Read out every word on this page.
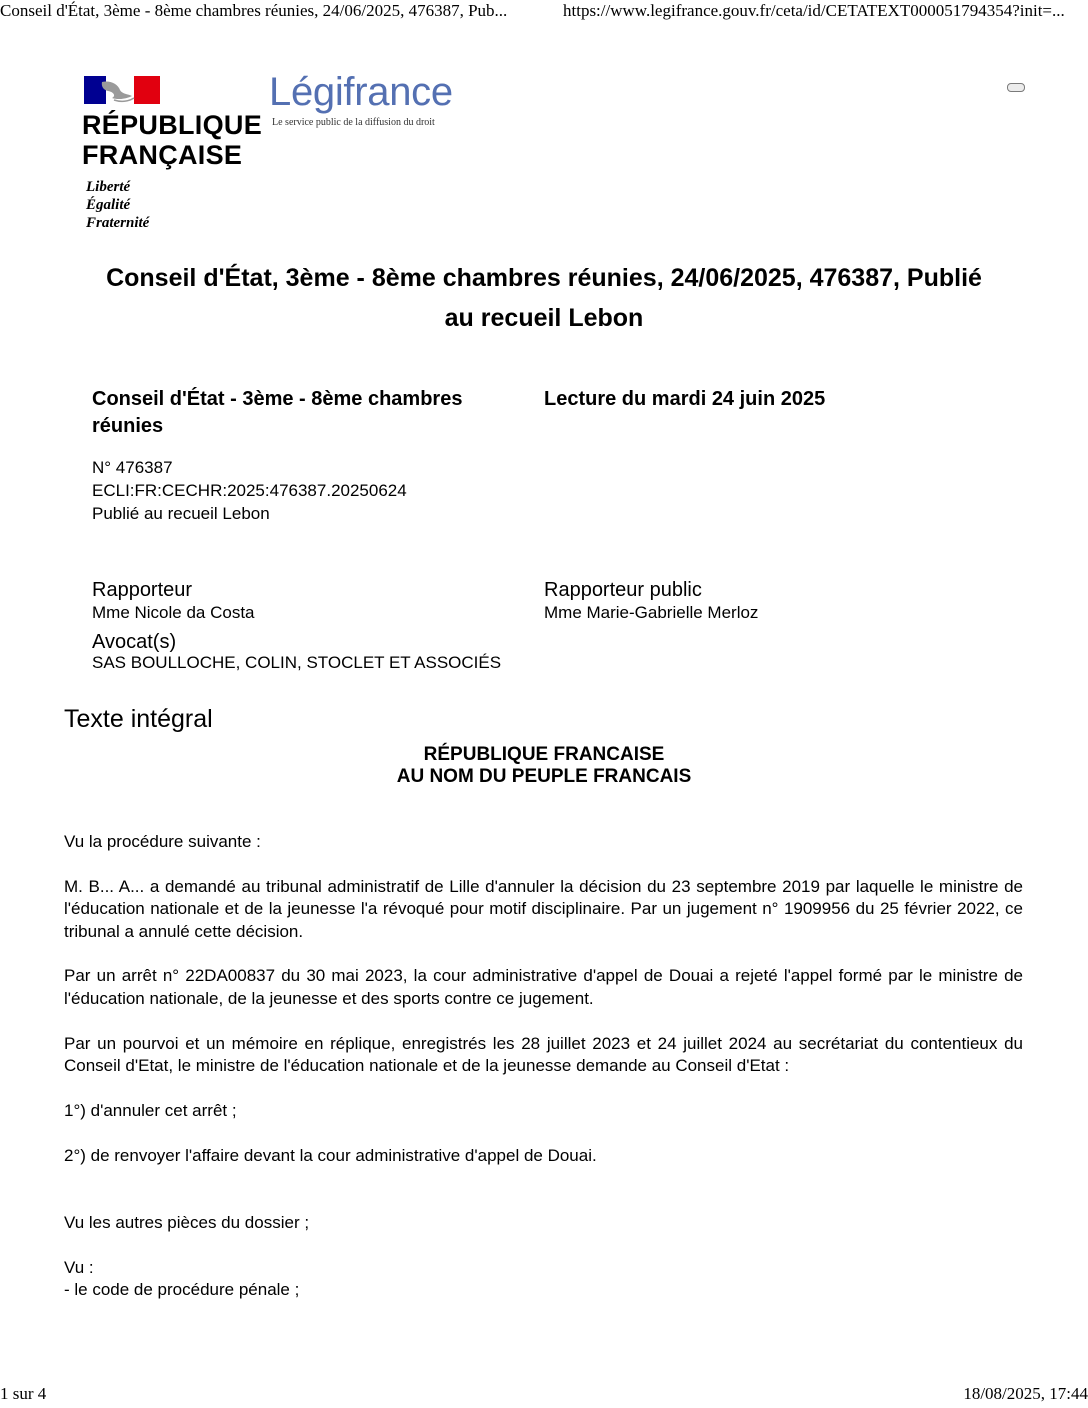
Conseil d'État, 3ème - 8ème chambres réunies, 24/06/2025, 476387, Pub...	https://www.legifrance.gouv.fr/ceta/id/CETATEXT000051794354?init=...
RÉPUBLIQUE
FRANÇAISE
Liberté
Égalité
Fraternité
Légifrance
Le service public de la diffusion du droit
Conseil d'État, 3ème - 8ème chambres réunies, 24/06/2025, 476387, Publié
au recueil Lebon
Conseil d'État - 3ème - 8ème chambres réunies
Lecture du mardi 24 juin 2025
N° 476387
ECLI:FR:CECHR:2025:476387.20250624
Publié au recueil Lebon
Rapporteur
Mme Nicole da Costa
Rapporteur public
Mme Marie-Gabrielle Merloz
Avocat(s)
SAS BOULLOCHE, COLIN, STOCLET ET ASSOCIÉS
Texte intégral
RÉPUBLIQUE FRANCAISE
AU NOM DU PEUPLE FRANCAIS

Vu la procédure suivante :

M. B... A... a demandé au tribunal administratif de Lille d'annuler la décision du 23 septembre 2019 par laquelle le ministre de l'éducation nationale et de la jeunesse l'a révoqué pour motif disciplinaire. Par un jugement n° 1909956 du 25 février 2022, ce tribunal a annulé cette décision.

Par un arrêt n° 22DA00837 du 30 mai 2023, la cour administrative d'appel de Douai a rejeté l'appel formé par le ministre de l'éducation nationale, de la jeunesse et des sports contre ce jugement.

Par un pourvoi et un mémoire en réplique, enregistrés les 28 juillet 2023 et 24 juillet 2024 au secrétariat du contentieux du Conseil d'Etat, le ministre de l'éducation nationale et de la jeunesse demande au Conseil d'Etat :

1°) d'annuler cet arrêt ;

2°) de renvoyer l'affaire devant la cour administrative d'appel de Douai.

Vu les autres pièces du dossier ;

Vu :

- le code de procédure pénale ;

1 sur 4	18/08/2025, 17:44
